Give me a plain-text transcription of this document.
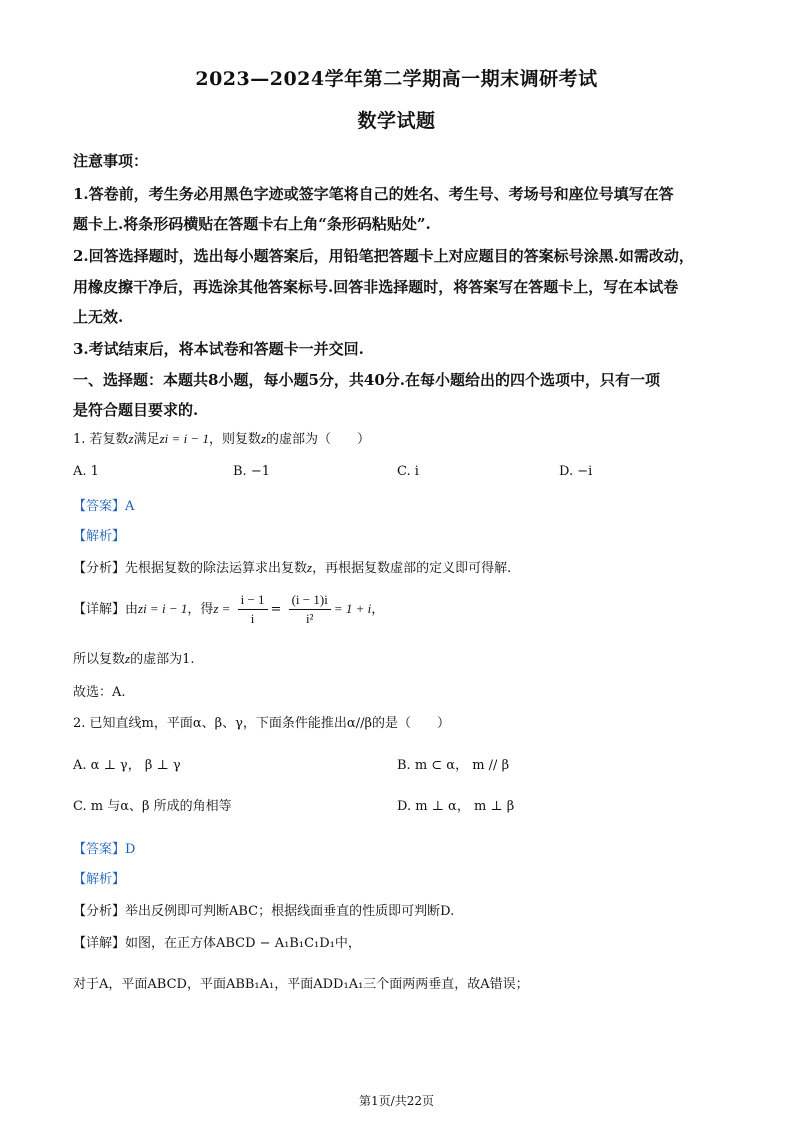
2023—2024学年第二学期高一期末调研考试
数学试题
注意事项：
1.答卷前，考生务必用黑色字迹或签字笔将自己的姓名、考生号、考场号和座位号填写在答
题卡上.将条形码横贴在答题卡右上角“条形码粘贴处”.
2.回答选择题时，选出每小题答案后，用铅笔把答题卡上对应题目的答案标号涂黑.如需改动，
用橡皮擦干净后，再选涂其他答案标号.回答非选择题时，将答案写在答题卡上，写在本试卷
上无效.
3.考试结束后，将本试卷和答题卡一并交回.
一、选择题：本题共8小题，每小题5分，共40分.在每小题给出的四个选项中，只有一项
是符合题目要求的.
1. 若复数z满足zi = i − 1，则复数z的虚部为（　　）
A. 1	B. −1	C. i	D. −i
【答案】A
【解析】
【分析】先根据复数的除法运算求出复数z，再根据复数虚部的定义即可得解.
【详解】由zi = i − 1，得$z = \frac{i - 1}{i} = \frac{(i - 1)i}{\text{i²}} = 1 + i$，
所以复数z的虚部为1.
故选：A.
2. 已知直线m，平面α、β、γ，下面条件能推出α//β的是（　　）
A. α ⊥ γ， β ⊥ γ	B. m ⊂ α， m // β
C. m 与α、β 所成的角相等	D. m ⊥ α， m ⊥ β
【答案】D
【解析】
【分析】举出反例即可判断ABC；根据线面垂直的性质即可判断D.
【详解】如图，在正方体ABCD − A₁B₁C₁D₁中，
对于A，平面ABCD，平面ABB₁A₁，平面ADD₁A₁三个面两两垂直，故A错误；
第1页/共22页
